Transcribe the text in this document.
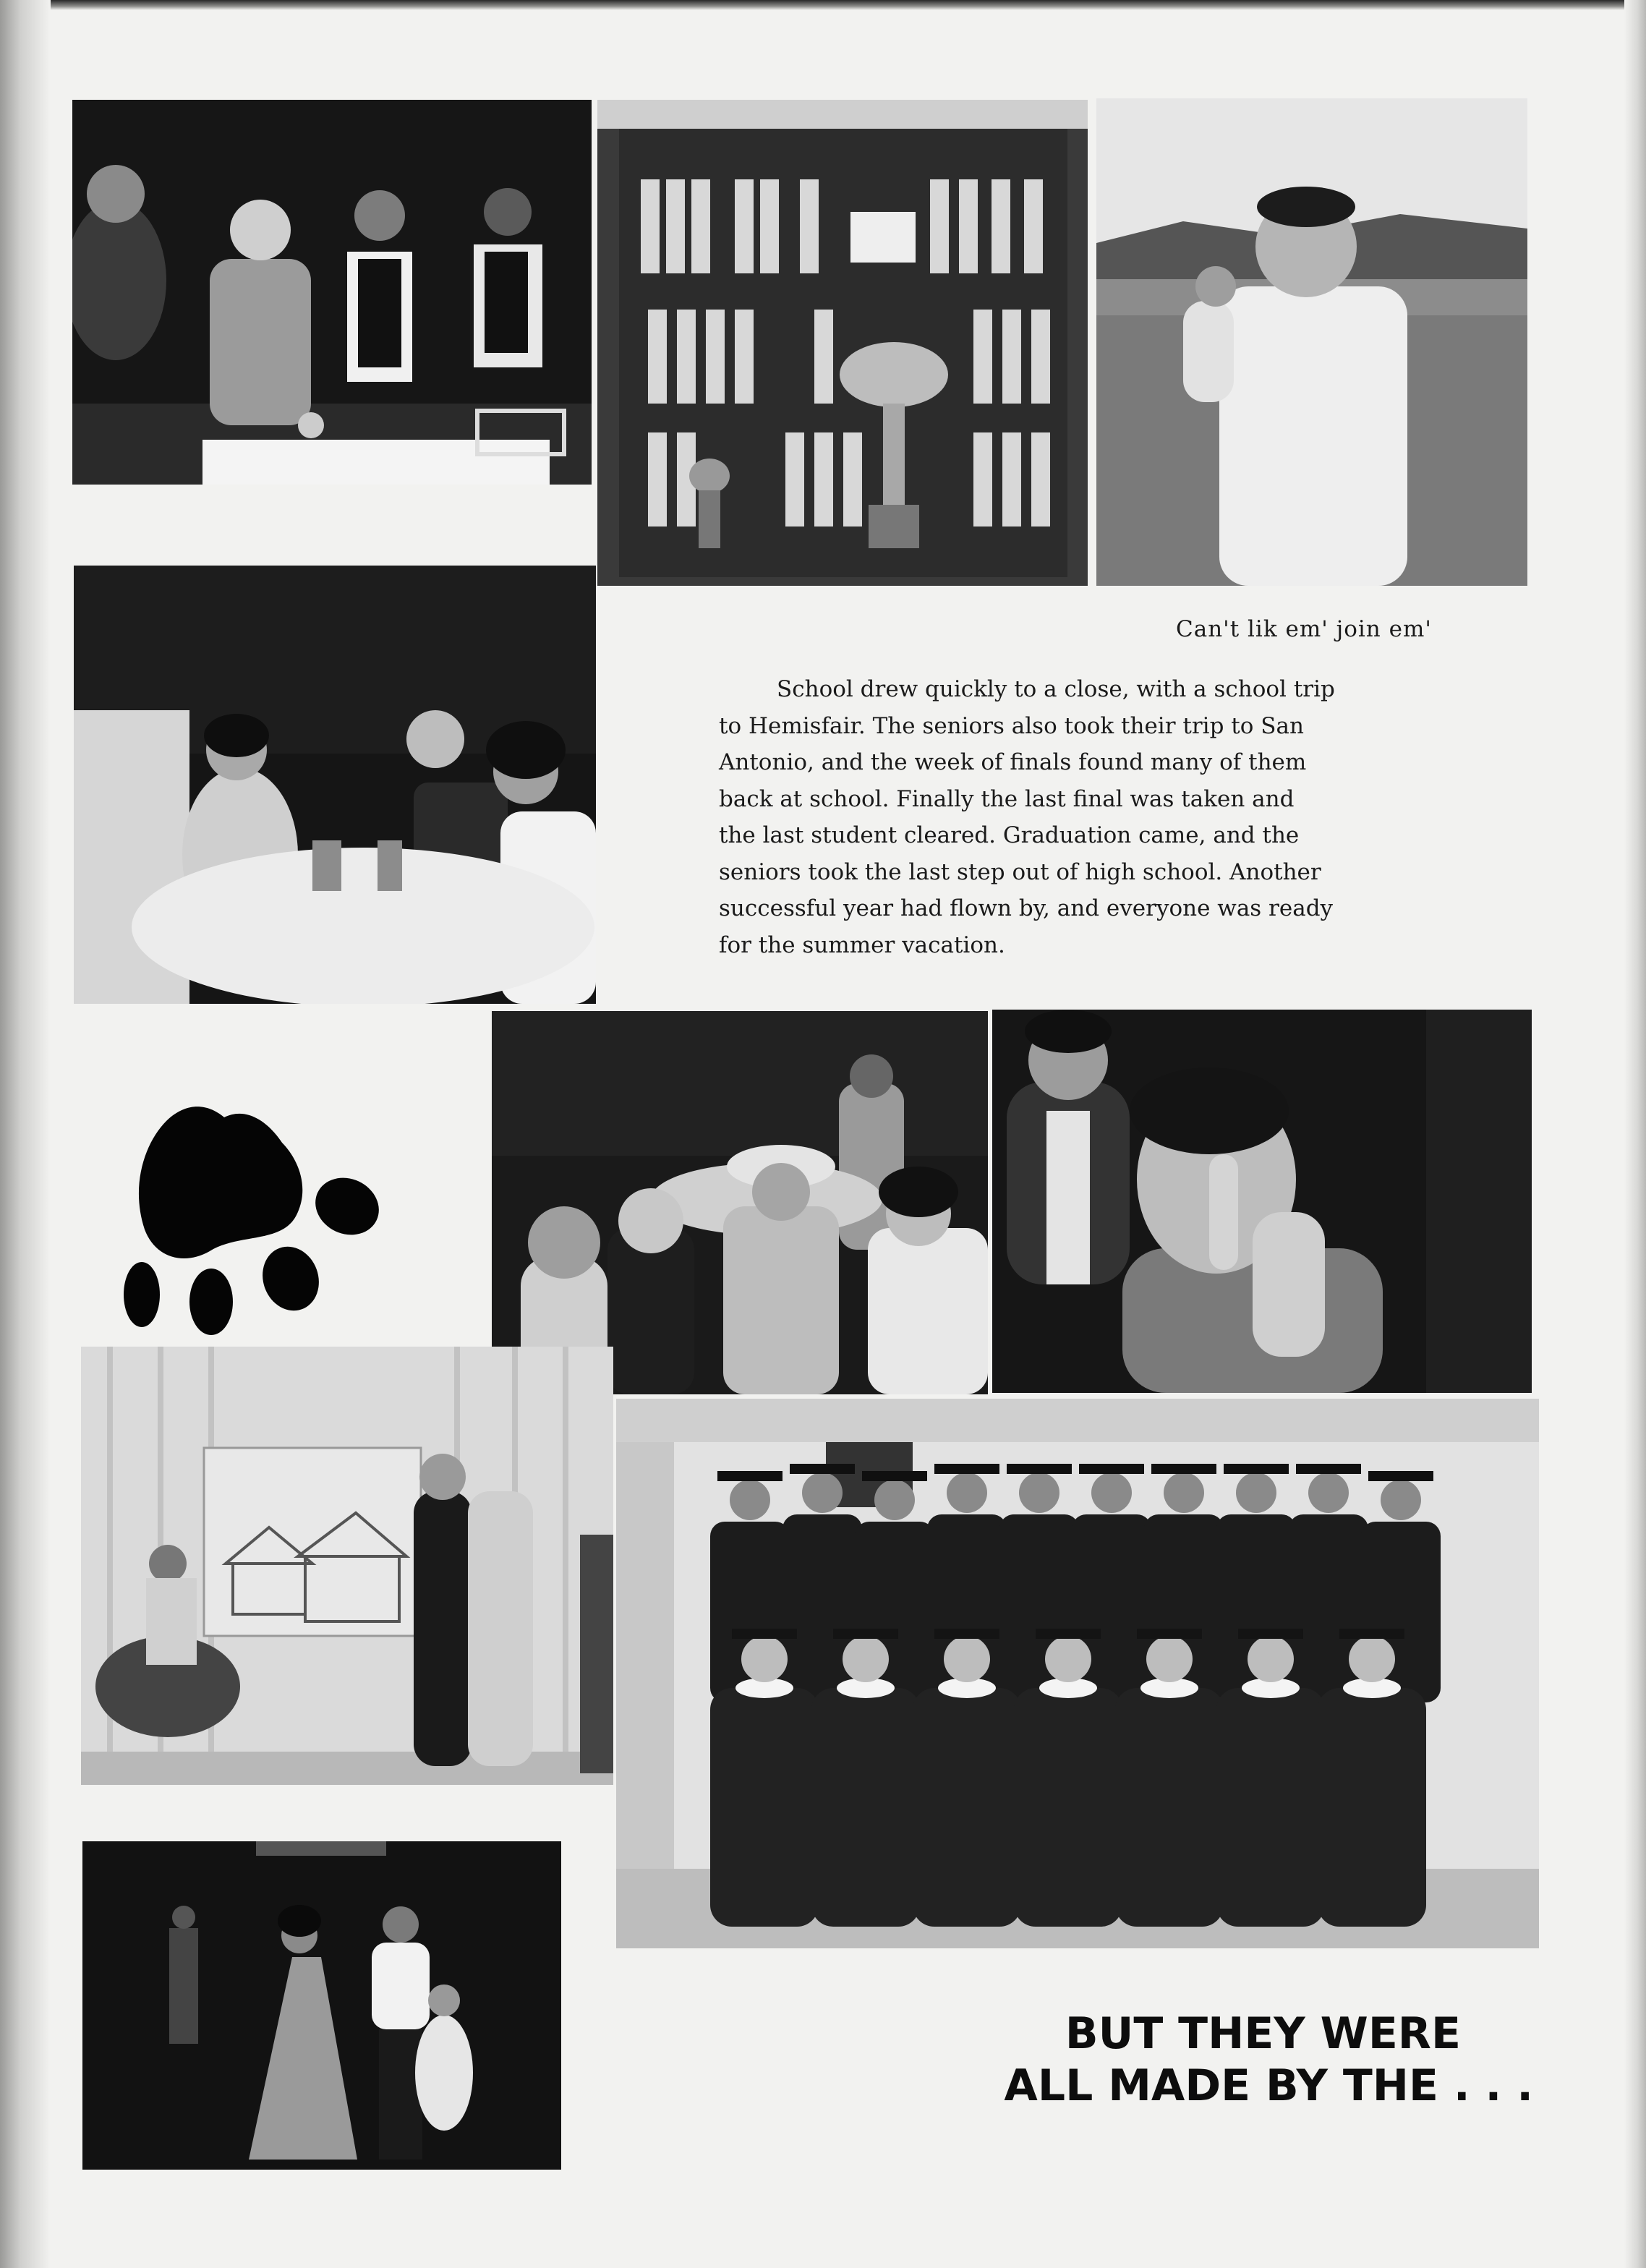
Can't lik em' join em'
School drew quickly to a close, with a school trip
to Hemisfair. The seniors also took their trip to San
Antonio, and the week of finals found many of them
back at school. Finally the last final was taken and
the last student cleared. Graduation came, and the
seniors took the last step out of high school. Another
successful year had flown by, and everyone was ready
for the summer vacation.
BUT THEY WERE
ALL MADE BY THE . . .
